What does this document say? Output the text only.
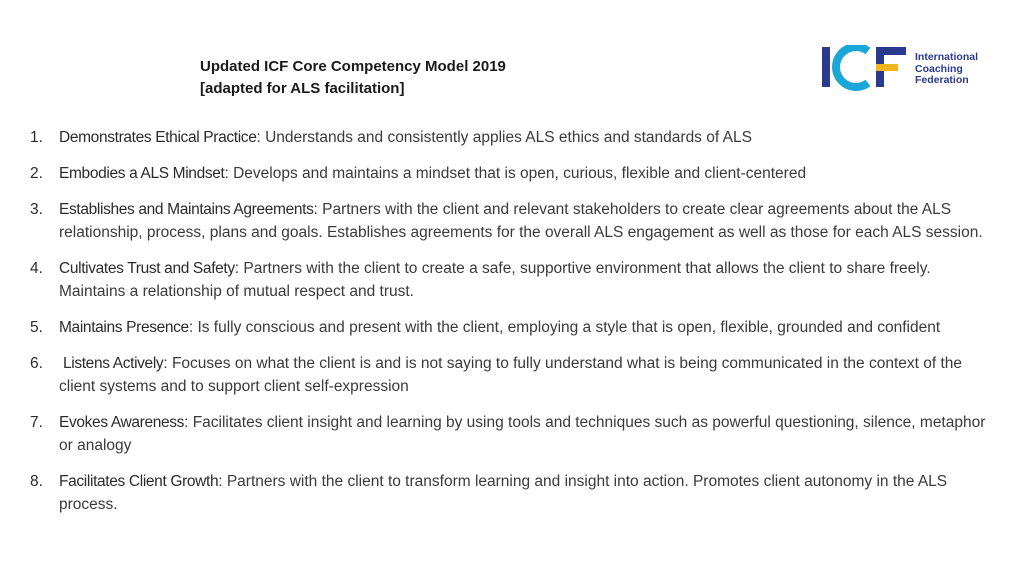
Updated ICF Core Competency Model 2019
[adapted for ALS facilitation]
International
Coaching
Federation
1. Demonstrates Ethical Practice: Understands and consistently applies ALS ethics and standards of ALS
2. Embodies a ALS Mindset: Develops and maintains a mindset that is open, curious, flexible and client-centered
3. Establishes and Maintains Agreements: Partners with the client and relevant stakeholders to create clear agreements about the ALS relationship, process, plans and goals. Establishes agreements for the overall ALS engagement as well as those for each ALS session.
4. Cultivates Trust and Safety: Partners with the client to create a safe, supportive environment that allows the client to share freely. Maintains a relationship of mutual respect and trust.
5. Maintains Presence: Is fully conscious and present with the client, employing a style that is open, flexible, grounded and confident
6. Listens Actively: Focuses on what the client is and is not saying to fully understand what is being communicated in the context of the client systems and to support client self-expression
7. Evokes Awareness: Facilitates client insight and learning by using tools and techniques such as powerful questioning, silence, metaphor or analogy
8. Facilitates Client Growth: Partners with the client to transform learning and insight into action. Promotes client autonomy in the ALS process.
